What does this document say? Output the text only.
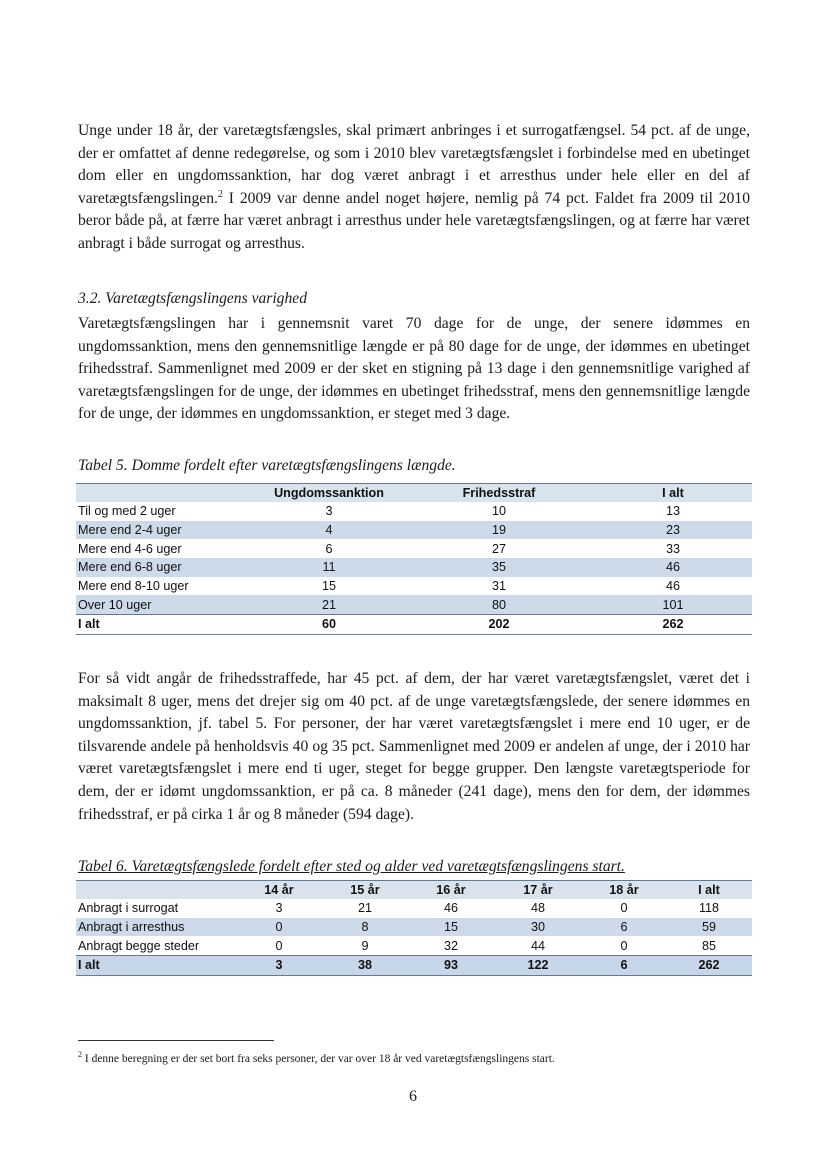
Unge under 18 år, der varetægtsfængsles, skal primært anbringes i et surrogatfængsel. 54 pct. af de unge, der er omfattet af denne redegørelse, og som i 2010 blev varetægtsfængslet i forbindelse med en ubetinget dom eller en ungdomssanktion, har dog været anbragt i et arresthus under hele eller en del af varetægtsfængslingen.$^2$ I 2009 var denne andel noget højere, nemlig på 74 pct. Faldet fra 2009 til 2010 beror både på, at færre har været anbragt i arresthus under hele varetægtsfængslingen, og at færre har været anbragt i både surrogat og arresthus.

3.2. Varetægtsfængslingens varighed

Varetægtsfængslingen har i gennemsnit varet 70 dage for de unge, der senere idømmes en ungdomssanktion, mens den gennemsnitlige længde er på 80 dage for de unge, der idømmes en ubetinget frihedsstraf. Sammenlignet med 2009 er der sket en stigning på 13 dage i den gennemsnitlige varighed af varetægtsfængslingen for de unge, der idømmes en ubetinget frihedsstraf, mens den gennemsnitlige længde for de unge, der idømmes en ungdomssanktion, er steget med 3 dage.

Tabel 5. Domme fordelt efter varetægtsfængslingens længde.

	Ungdomssanktion	Frihedsstraf	I alt
Til og med 2 uger	3	10	13
Mere end 2-4 uger	4	19	23
Mere end 4-6 uger	6	27	33
Mere end 6-8 uger	11	35	46
Mere end 8-10 uger	15	31	46
Over 10 uger	21	80	101
I alt	60	202	262

For så vidt angår de frihedsstraffede, har 45 pct. af dem, der har været varetægtsfængslet, været det i maksimalt 8 uger, mens det drejer sig om 40 pct. af de unge varetægtsfængslede, der senere idømmes en ungdomssanktion, jf. tabel 5. For personer, der har været varetægtsfængslet i mere end 10 uger, er de tilsvarende andele på henholdsvis 40 og 35 pct. Sammenlignet med 2009 er andelen af unge, der i 2010 har været varetægtsfængslet i mere end ti uger, steget for begge grupper. Den længste varetægtsperiode for dem, der er idømt ungdomssanktion, er på ca. 8 måneder (241 dage), mens den for dem, der idømmes frihedsstraf, er på cirka 1 år og 8 måneder (594 dage).

Tabel 6. Varetægtsfængslede fordelt efter sted og alder ved varetægtsfængslingens start.

	14 år	15 år	16 år	17 år	18 år	I alt
Anbragt i surrogat	3	21	46	48	0	118
Anbragt i arresthus	0	8	15	30	6	59
Anbragt begge steder	0	9	32	44	0	85
I alt	3	38	93	122	6	262

$^2$ I denne beregning er der set bort fra seks personer, der var over 18 år ved varetægtsfængslingens start.

6
